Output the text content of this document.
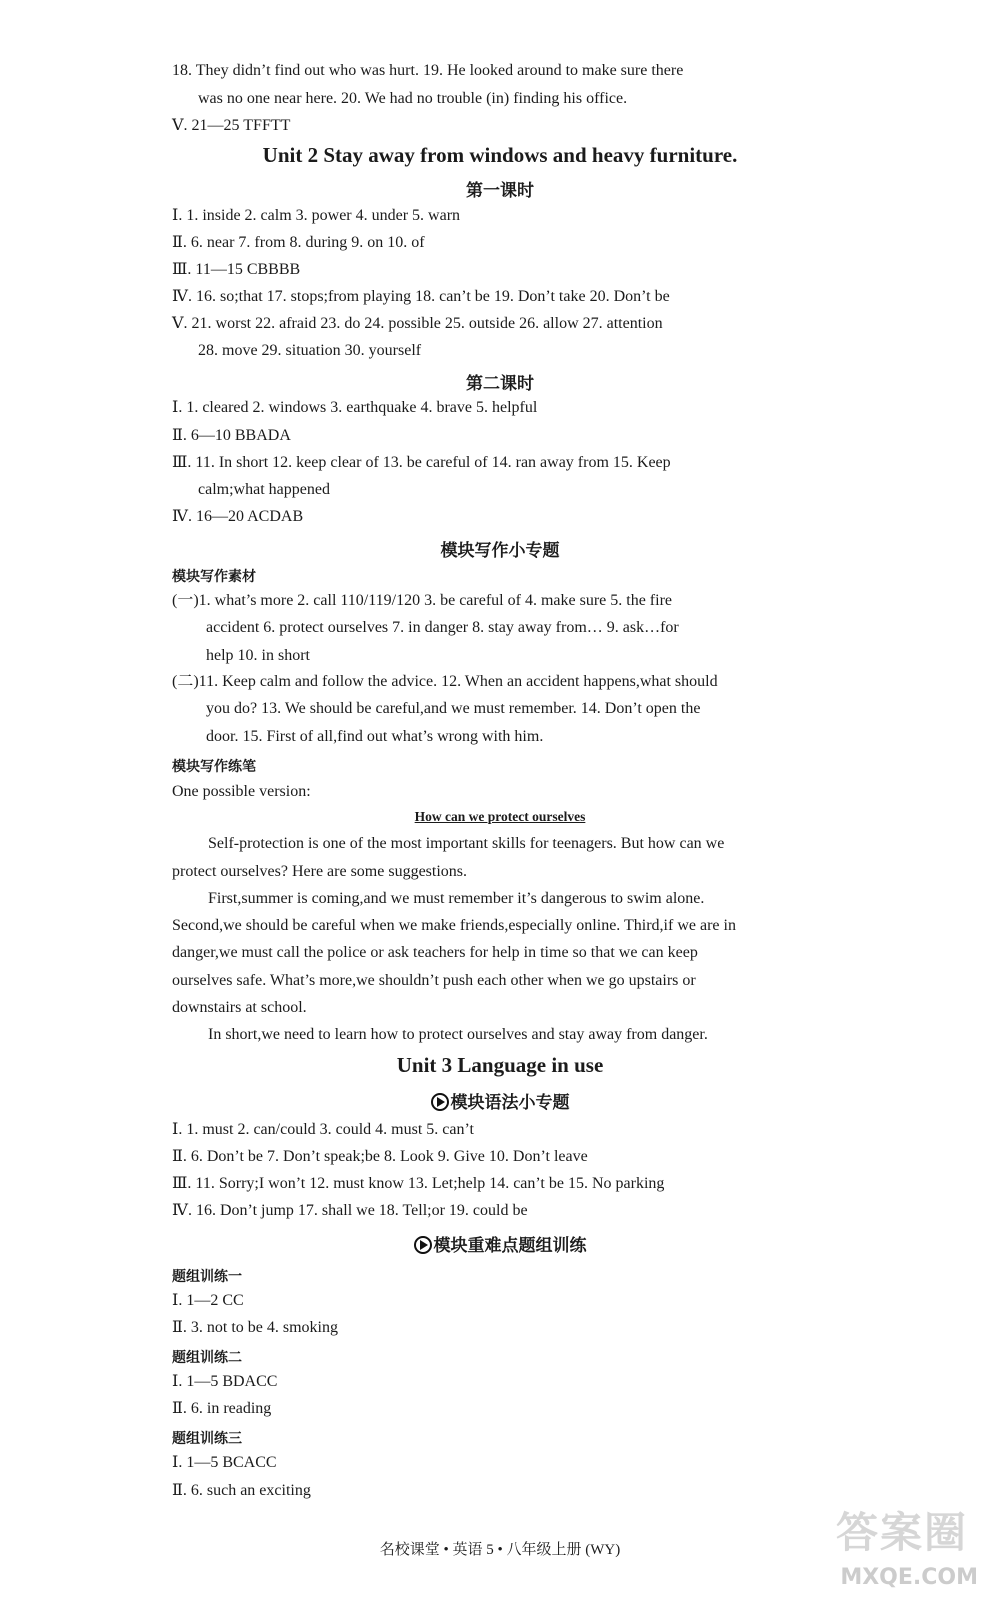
18. They didn’t find out who was hurt. 19. He looked around to make sure there
was no one near here. 20. We had no trouble (in) finding his office.
Ⅴ. 21—25 TFFTT
Unit 2 Stay away from windows and heavy furniture.
第一课时
Ⅰ. 1. inside 2. calm 3. power 4. under 5. warn
Ⅱ. 6. near 7. from 8. during 9. on 10. of
Ⅲ. 11—15 CBBBB
Ⅳ. 16. so;that 17. stops;from playing 18. can’t be 19. Don’t take 20. Don’t be
Ⅴ. 21. worst 22. afraid 23. do 24. possible 25. outside 26. allow 27. attention
28. move 29. situation 30. yourself
第二课时
Ⅰ. 1. cleared 2. windows 3. earthquake 4. brave 5. helpful
Ⅱ. 6—10 BBADA
Ⅲ. 11. In short 12. keep clear of 13. be careful of 14. ran away from 15. Keep
calm;what happened
Ⅳ. 16—20 ACDAB
模块写作小专题
模块写作素材
(一)1. what’s more 2. call 110/119/120 3. be careful of 4. make sure 5. the fire
accident 6. protect ourselves 7. in danger 8. stay away from… 9. ask…for
help 10. in short
(二)11. Keep calm and follow the advice. 12. When an accident happens,what should
you do? 13. We should be careful,and we must remember. 14. Don’t open the
door. 15. First of all,find out what’s wrong with him.
模块写作练笔
One possible version:
How can we protect ourselves
Self-protection is one of the most important skills for teenagers. But how can we
protect ourselves? Here are some suggestions.
First,summer is coming,and we must remember it’s dangerous to swim alone.
Second,we should be careful when we make friends,especially online. Third,if we are in
danger,we must call the police or ask teachers for help in time so that we can keep
ourselves safe. What’s more,we shouldn’t push each other when we go upstairs or
downstairs at school.
In short,we need to learn how to protect ourselves and stay away from danger.
Unit 3 Language in use
模块语法小专题
Ⅰ. 1. must 2. can/could 3. could 4. must 5. can’t
Ⅱ. 6. Don’t be 7. Don’t speak;be 8. Look 9. Give 10. Don’t leave
Ⅲ. 11. Sorry;I won’t 12. must know 13. Let;help 14. can’t be 15. No parking
Ⅳ. 16. Don’t jump 17. shall we 18. Tell;or 19. could be
模块重难点题组训练
题组训练一
Ⅰ. 1—2 CC
Ⅱ. 3. not to be 4. smoking
题组训练二
Ⅰ. 1—5 BDACC
Ⅱ. 6. in reading
题组训练三
Ⅰ. 1—5 BCACC
Ⅱ. 6. such an exciting
名校课堂 • 英语 5 • 八年级上册 (WY)	答案圈
MXQE.COM
